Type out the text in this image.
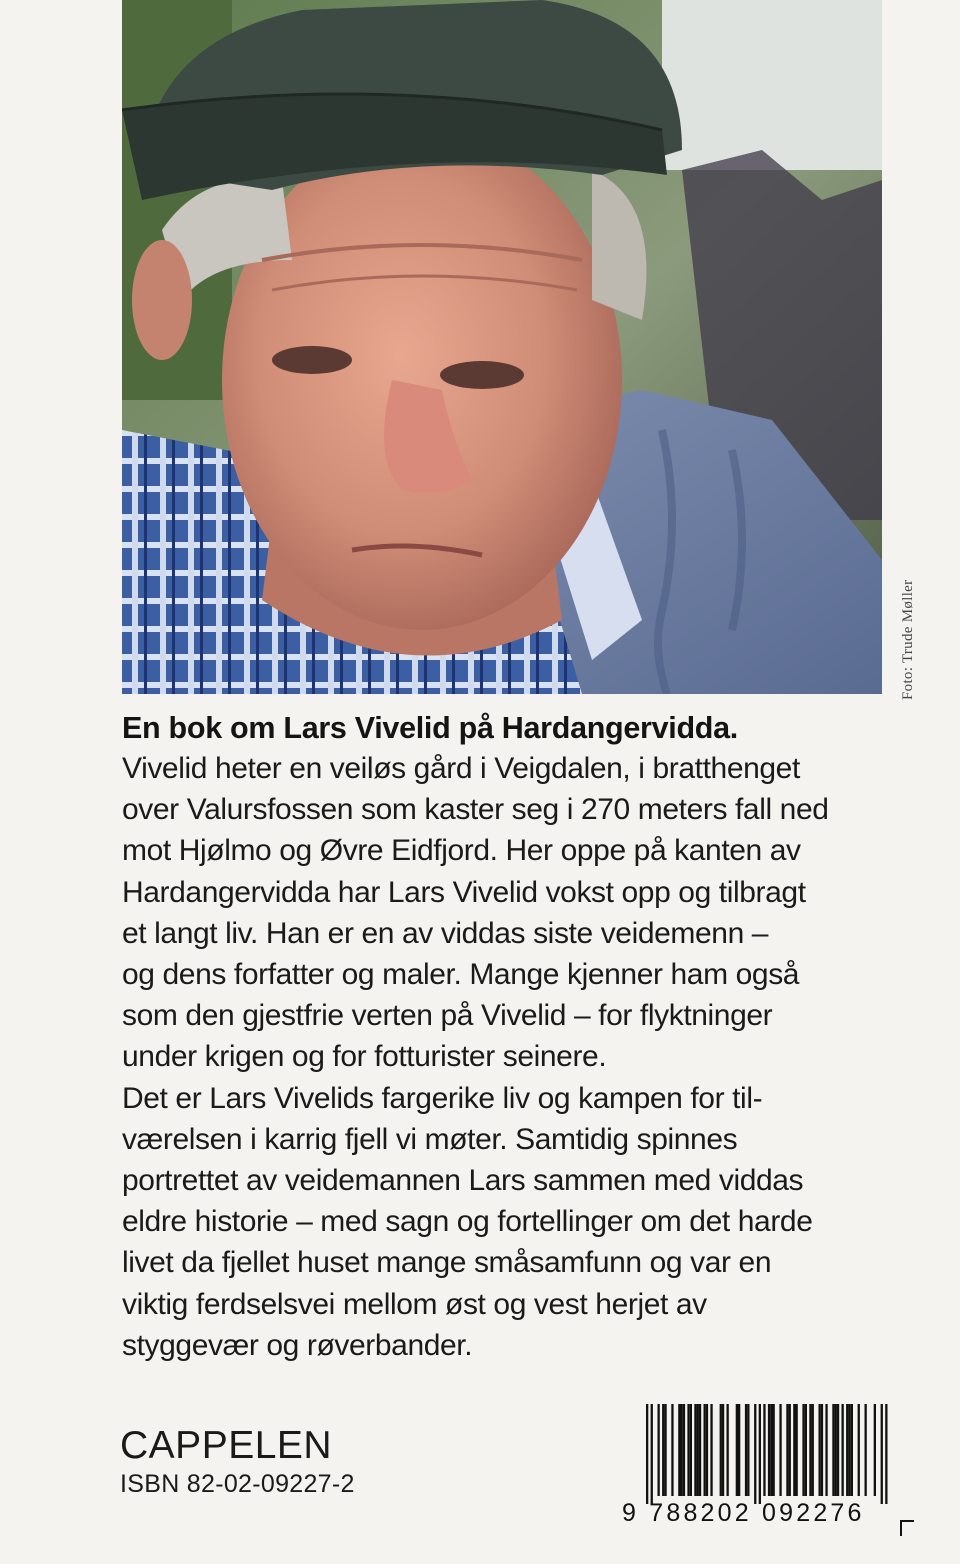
Foto: Trude Møller
En bok om Lars Vivelid på Hardangervidda.
Vivelid heter en veiløs gård i Veigdalen, i bratthenget
over Valursfossen som kaster seg i 270 meters fall ned
mot Hjølmo og Øvre Eidfjord. Her oppe på kanten av
Hardangervidda har Lars Vivelid vokst opp og tilbragt
et langt liv. Han er en av viddas siste veidemenn –
og dens forfatter og maler. Mange kjenner ham også
som den gjestfrie verten på Vivelid – for flyktninger
under krigen og for fotturister seinere.
Det er Lars Vivelids fargerike liv og kampen for til-
værelsen i karrig fjell vi møter. Samtidig spinnes
portrettet av veidemannen Lars sammen med viddas
eldre historie – med sagn og fortellinger om det harde
livet da fjellet huset mange småsamfunn og var en
viktig ferdselsvei mellom øst og vest herjet av
styggevær og røverbander.
CAPPELEN
ISBN 82-02-09227-2
9 788202 092276
